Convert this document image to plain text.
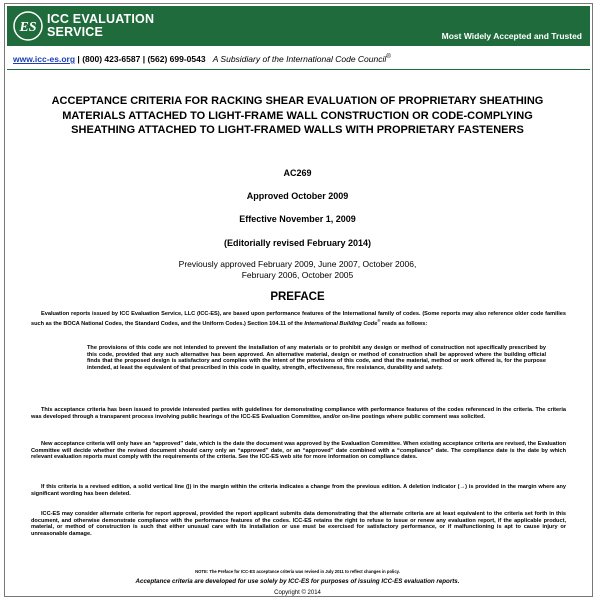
ES
ICC EVALUATION
SERVICE	Most Widely Accepted and Trusted
www.icc-es.org | (800) 423-6587 | (562) 699-0543 A Subsidiary of the International Code Council®
ACCEPTANCE CRITERIA FOR RACKING SHEAR EVALUATION OF PROPRIETARY SHEATHING MATERIALS ATTACHED TO LIGHT-FRAME WALL CONSTRUCTION OR CODE-COMPLYING SHEATHING ATTACHED TO LIGHT-FRAMED WALLS WITH PROPRIETARY FASTENERS
AC269
Approved October 2009
Effective November 1, 2009
(Editorially revised February 2014)
Previously approved February 2009, June 2007, October 2006,
February 2006, October 2005
PREFACE
Evaluation reports issued by ICC Evaluation Service, LLC (ICC-ES), are based upon performance features of the International family of codes. (Some reports may also reference older code families such as the BOCA National Codes, the Standard Codes, and the Uniform Codes.) Section 104.11 of the International Building Code® reads as follows:
The provisions of this code are not intended to prevent the installation of any materials or to prohibit any design or method of construction not specifically prescribed by this code, provided that any such alternative has been approved. An alternative material, design or method of construction shall be approved where the building official finds that the proposed design is satisfactory and complies with the intent of the provisions of this code, and that the material, method or work offered is, for the purpose intended, at least the equivalent of that prescribed in this code in quality, strength, effectiveness, fire resistance, durability and safety.
This acceptance criteria has been issued to provide interested parties with guidelines for demonstrating compliance with performance features of the codes referenced in the criteria. The criteria was developed through a transparent process involving public hearings of the ICC-ES Evaluation Committee, and/or on-line postings where public comment was solicited.
New acceptance criteria will only have an “approved” date, which is the date the document was approved by the Evaluation Committee. When existing acceptance criteria are revised, the Evaluation Committee will decide whether the revised document should carry only an “approved” date, or an “approved” date combined with a “compliance” date. The compliance date is the date by which relevant evaluation reports must comply with the requirements of the criteria. See the ICC-ES web site for more information on compliance dates.
If this criteria is a revised edition, a solid vertical line (|) in the margin within the criteria indicates a change from the previous edition. A deletion indicator (→) is provided in the margin where any significant wording has been deleted.
ICC-ES may consider alternate criteria for report approval, provided the report applicant submits data demonstrating that the alternate criteria are at least equivalent to the criteria set forth in this document, and otherwise demonstrate compliance with the performance features of the codes. ICC-ES retains the right to refuse to issue or renew any evaluation report, if the applicable product, material, or method of construction is such that either unusual care with its installation or use must be exercised for satisfactory performance, or if malfunctioning is apt to cause injury or unreasonable damage.
NOTE: The Preface for ICC-ES acceptance criteria was revised in July 2011 to reflect changes in policy.
Acceptance criteria are developed for use solely by ICC-ES for purposes of issuing ICC-ES evaluation reports.
Copyright © 2014
